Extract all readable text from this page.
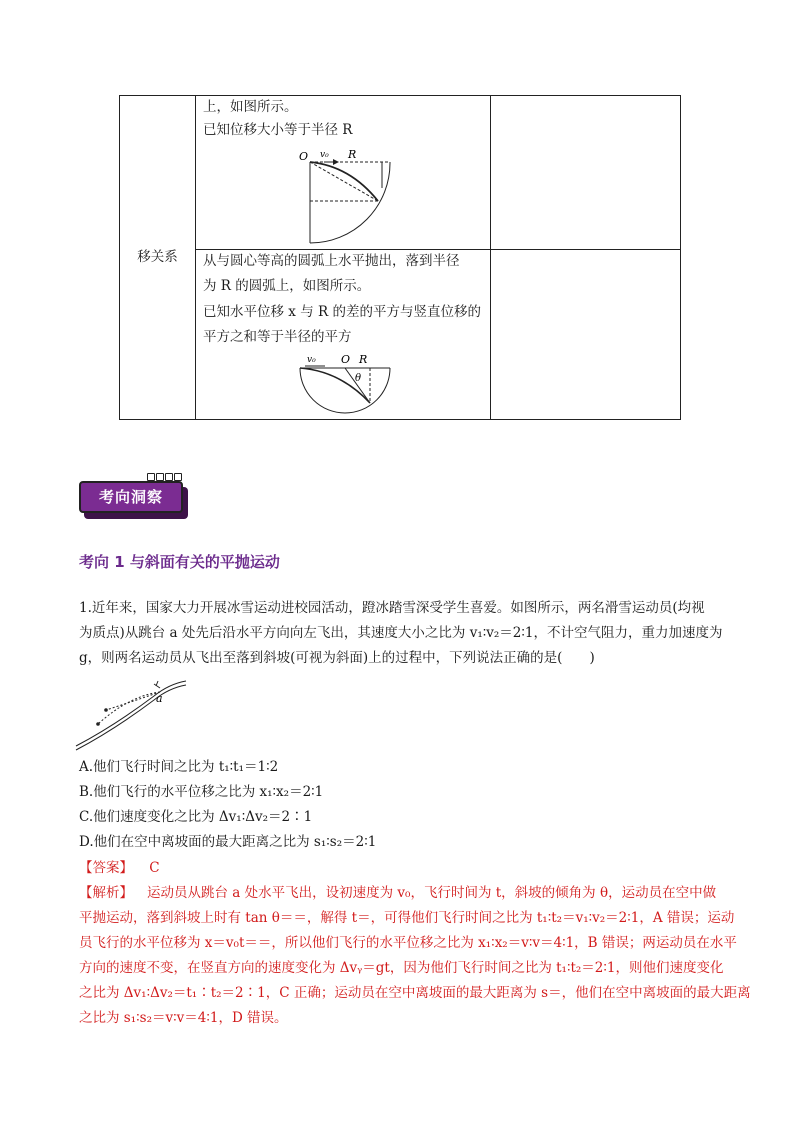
移关系
上，如图所示。
已知位移大小等于半径 R
O v₀ R
从与圆心等高的圆弧上水平抛出，落到半径
为 R 的圆弧上，如图所示。
已知水平位移 x 与 R 的差的平方与竖直位移的
平方之和等于半径的平方
v₀ O R
θ
考向洞察
考向 1 与斜面有关的平抛运动
1.近年来，国家大力开展冰雪运动进校园活动，蹬冰踏雪深受学生喜爱。如图所示，两名滑雪运动员(均视
为质点)从跳台 a 处先后沿水平方向向左飞出，其速度大小之比为 v₁∶v₂＝2∶1，不计空气阻力，重力加速度为
g，则两名运动员从飞出至落到斜坡(可视为斜面)上的过程中，下列说法正确的是(　　)
a
A.他们飞行时间之比为 t₁∶t₁＝1∶2
B.他们飞行的水平位移之比为 x₁∶x₂＝2∶1
C.他们速度变化之比为 Δv₁∶Δv₂＝2∶1
D.他们在空中离坡面的最大距离之比为 s₁∶s₂＝2∶1
【答案】 C
【解析】 运动员从跳台 a 处水平飞出，设初速度为 v₀，飞行时间为 t，斜坡的倾角为 θ，运动员在空中做
平抛运动，落到斜坡上时有 tan θ＝＝，解得 t＝，可得他们飞行时间之比为 t₁∶t₂＝v₁∶v₂＝2∶1，A 错误；运动
员飞行的水平位移为 x＝v₀t＝＝，所以他们飞行的水平位移之比为 x₁∶x₂＝v∶v＝4∶1，B 错误；两运动员在水平
方向的速度不变，在竖直方向的速度变化为 Δvᵧ＝gt，因为他们飞行时间之比为 t₁∶t₂＝2∶1，则他们速度变化
之比为 Δv₁∶Δv₂＝t₁∶t₂＝2∶1，C 正确；运动员在空中离坡面的最大距离为 s＝，他们在空中离坡面的最大距离
之比为 s₁∶s₂＝v∶v＝4∶1，D 错误。
